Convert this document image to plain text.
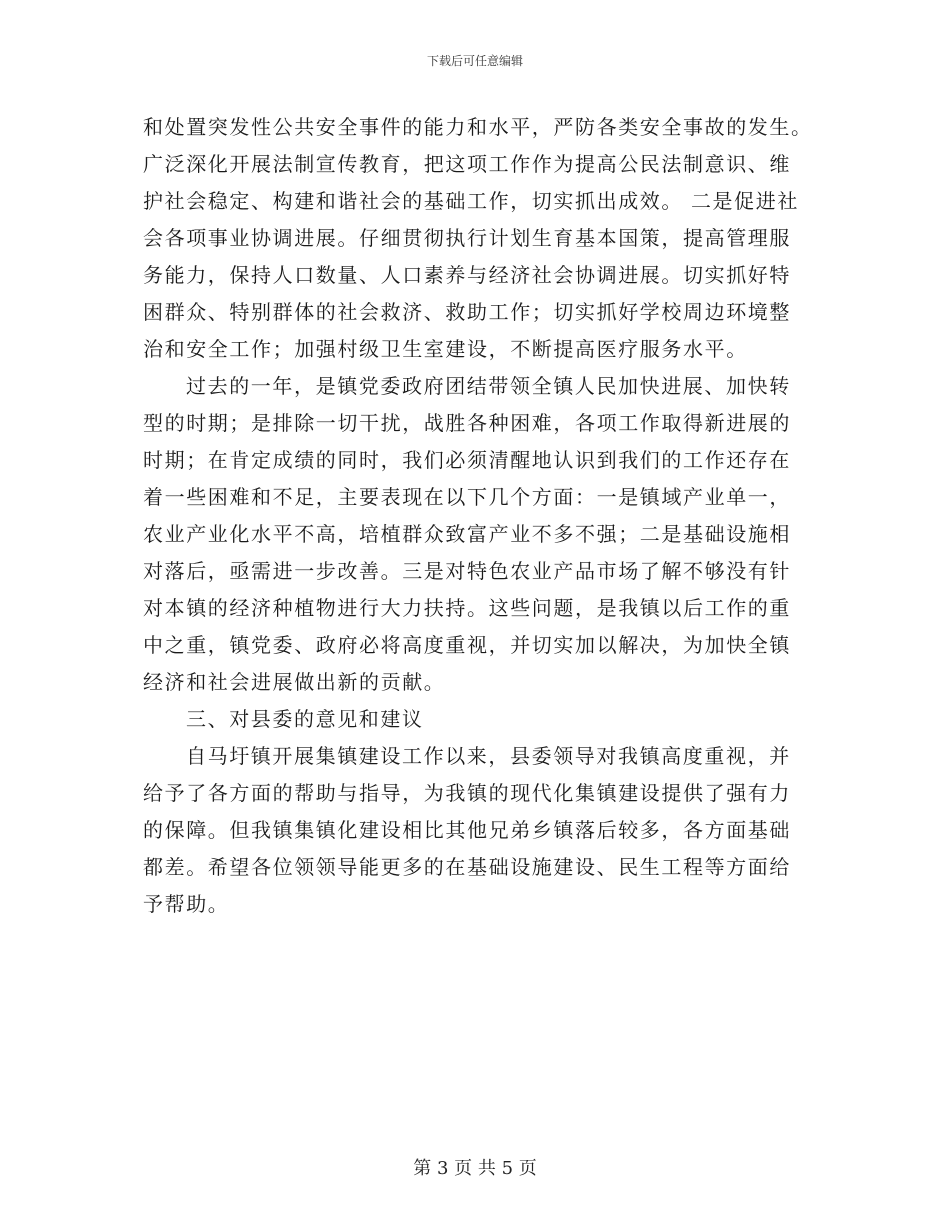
下载后可任意编辑
和处置突发性公共安全事件的能力和水平，严防各类安全事故的发生。
广泛深化开展法制宣传教育，把这项工作作为提高公民法制意识、维
护社会稳定、构建和谐社会的基础工作，切实抓出成效。 二是促进社
会各项事业协调进展。仔细贯彻执行计划生育基本国策，提高管理服
务能力，保持人口数量、人口素养与经济社会协调进展。切实抓好特
困群众、特别群体的社会救济、救助工作；切实抓好学校周边环境整
治和安全工作；加强村级卫生室建设，不断提高医疗服务水平。
过去的一年，是镇党委政府团结带领全镇人民加快进展、加快转
型的时期；是排除一切干扰，战胜各种困难，各项工作取得新进展的
时期；在肯定成绩的同时，我们必须清醒地认识到我们的工作还存在
着一些困难和不足，主要表现在以下几个方面：一是镇域产业单一，
农业产业化水平不高，培植群众致富产业不多不强；二是基础设施相
对落后，亟需进一步改善。三是对特色农业产品市场了解不够没有针
对本镇的经济种植物进行大力扶持。这些问题，是我镇以后工作的重
中之重，镇党委、政府必将高度重视，并切实加以解决，为加快全镇
经济和社会进展做出新的贡献。
三、对县委的意见和建议
自马圩镇开展集镇建设工作以来，县委领导对我镇高度重视，并
给予了各方面的帮助与指导，为我镇的现代化集镇建设提供了强有力
的保障。但我镇集镇化建设相比其他兄弟乡镇落后较多，各方面基础
都差。希望各位领领导能更多的在基础设施建设、民生工程等方面给
予帮助。
第 3 页 共 5 页
